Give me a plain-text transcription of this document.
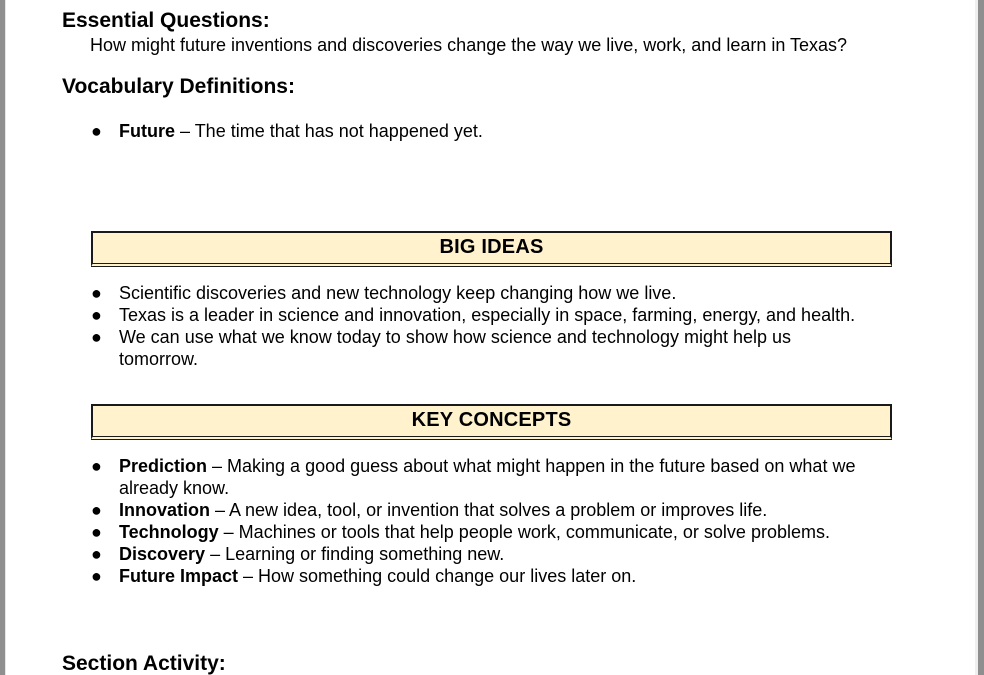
Essential Questions:
How might future inventions and discoveries change the way we live, work, and learn in Texas?
Vocabulary Definitions:
● Future – The time that has not happened yet.
BIG IDEAS
● Scientific discoveries and new technology keep changing how we live.
● Texas is a leader in science and innovation, especially in space, farming, energy, and health.
● We can use what we know today to show how science and technology might help us tomorrow.
KEY CONCEPTS
● Prediction – Making a good guess about what might happen in the future based on what we already know.
● Innovation – A new idea, tool, or invention that solves a problem or improves life.
● Technology – Machines or tools that help people work, communicate, or solve problems.
● Discovery – Learning or finding something new.
● Future Impact – How something could change our lives later on.
Section Activity:
